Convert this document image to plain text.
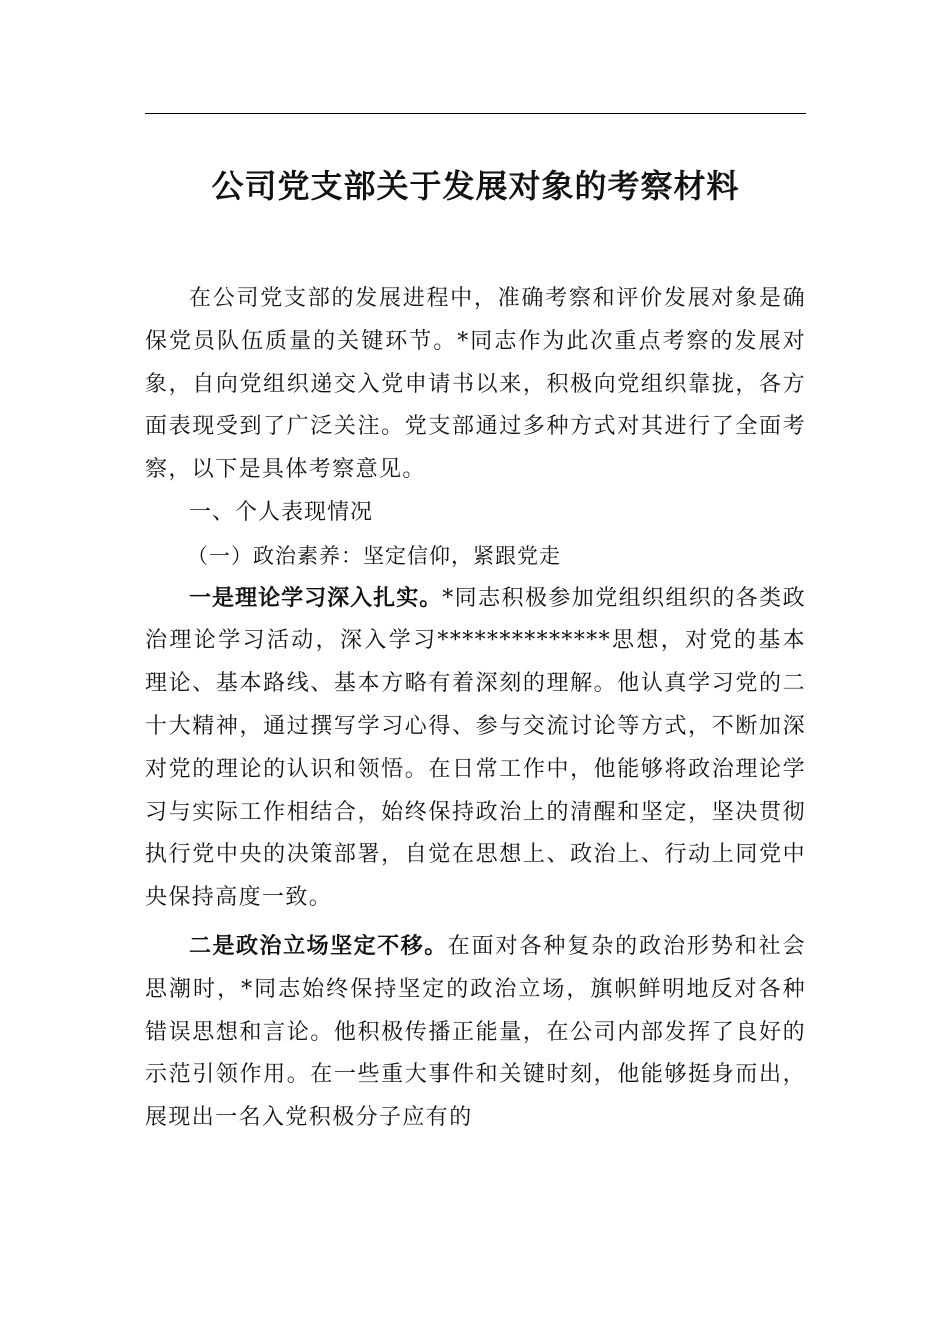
公司党支部关于发展对象的考察材料

在公司党支部的发展进程中，准确考察和评价发展对象是确保党员队伍质量的关键环节。*同志作为此次重点考察的发展对象，自向党组织递交入党申请书以来，积极向党组织靠拢，各方面表现受到了广泛关注。党支部通过多种方式对其进行了全面考察，以下是具体考察意见。

一、个人表现情况

（一）政治素养：坚定信仰，紧跟党走

一是理论学习深入扎实。*同志积极参加党组织组织的各类政治理论学习活动，深入学习**************思想，对党的基本理论、基本路线、基本方略有着深刻的理解。他认真学习党的二十大精神，通过撰写学习心得、参与交流讨论等方式，不断加深对党的理论的认识和领悟。在日常工作中，他能够将政治理论学习与实际工作相结合，始终保持政治上的清醒和坚定，坚决贯彻执行党中央的决策部署，自觉在思想上、政治上、行动上同党中央保持高度一致。

二是政治立场坚定不移。在面对各种复杂的政治形势和社会思潮时，*同志始终保持坚定的政治立场，旗帜鲜明地反对各种错误思想和言论。他积极传播正能量，在公司内部发挥了良好的示范引领作用。在一些重大事件和关键时刻，他能够挺身而出，展现出一名入党积极分子应有的
